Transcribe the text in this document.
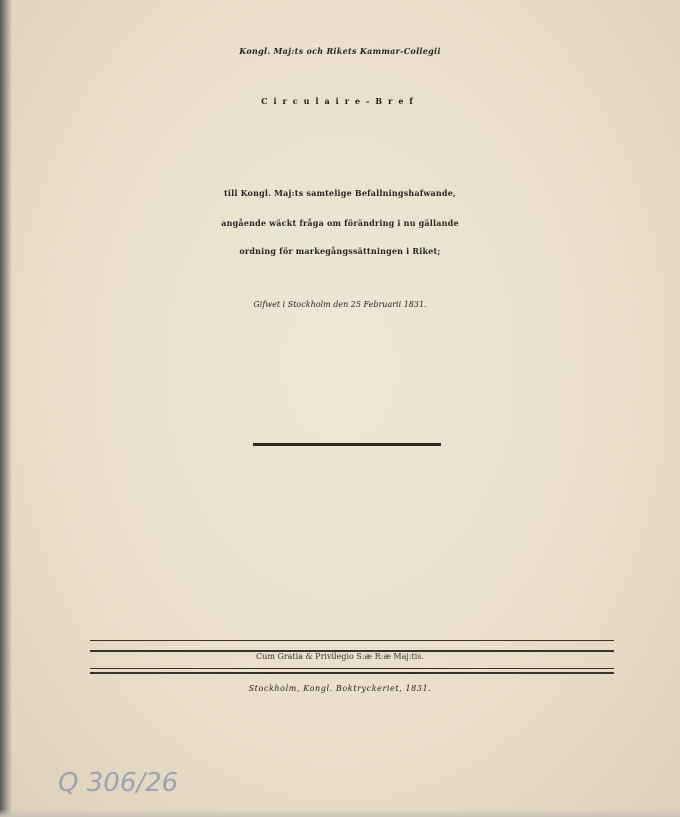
Kongl. Maj:ts och Rikets Kammar-Collegii
Circulaire-Bref
till Kongl. Maj:ts samtelige Befallningshafwande,
angående wäckt fråga om förändring i nu gällande
ordning för markegångssättningen i Riket;
Gifwet i Stockholm den 25 Februarii 1831.
Cum Gratia & Privilegio S:æ R:æ Maj:tis.
Stockholm, Kongl. Boktryckeriet, 1831.
Q 306/26
